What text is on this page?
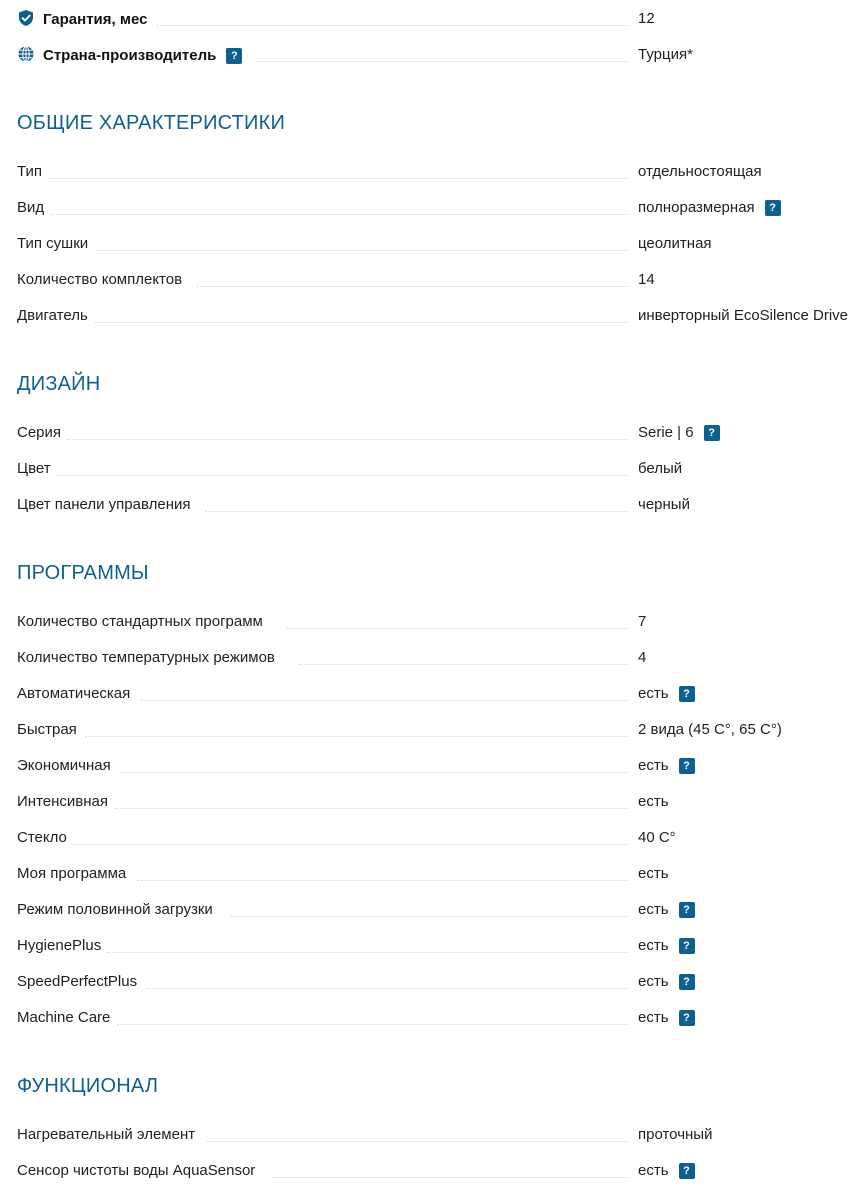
Гарантия, мес	12
Страна-производитель ?	Турция*
ОБЩИЕ ХАРАКТЕРИСТИКИ
Тип	отдельностоящая
Вид	полноразмерная ?
Тип сушки	цеолитная
Количество комплектов	14
Двигатель	инверторный EcoSilence Drive
ДИЗАЙН
Серия	Serie | 6 ?
Цвет	белый
Цвет панели управления	черный
ПРОГРАММЫ
Количество стандартных программ	7
Количество температурных режимов	4
Автоматическая	есть ?
Быстрая	2 вида (45 С°, 65 С°)
Экономичная	есть ?
Интенсивная	есть
Стекло	40 С°
Моя программа	есть
Режим половинной загрузки	есть ?
HygienePlus	есть ?
SpeedPerfectPlus	есть ?
Machine Care	есть ?
ФУНКЦИОНАЛ
Нагревательный элемент	проточный
Сенсор чистоты воды AquaSensor	есть ?
